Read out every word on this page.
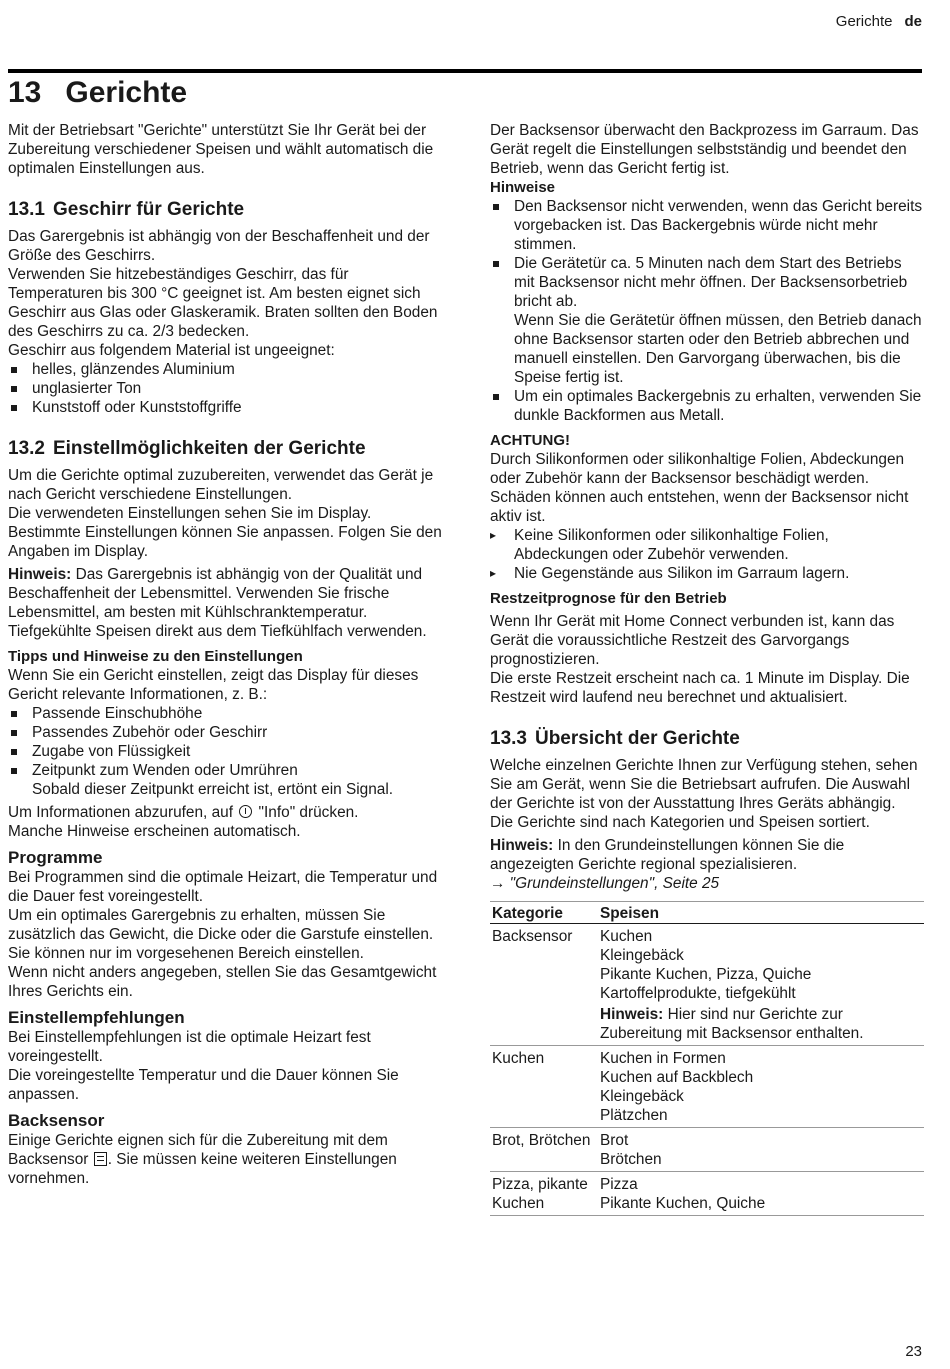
Gerichte de
13 Gerichte

Mit der Betriebsart "Gerichte" unterstützt Sie Ihr Gerät bei der Zubereitung verschiedener Speisen und wählt automatisch die optimalen Einstellungen aus.

13.1 Geschirr für Gerichte

Das Garergebnis ist abhängig von der Beschaffenheit und der Größe des Geschirrs.

Verwenden Sie hitzebeständiges Geschirr, das für Temperaturen bis 300 °C geeignet ist. Am besten eignet sich Geschirr aus Glas oder Glaskeramik. Braten sollten den Boden des Geschirrs zu ca. 2/3 bedecken.

Geschirr aus folgendem Material ist ungeeignet:

helles, glänzendes Aluminium
unglasierter Ton
Kunststoff oder Kunststoffgriffe
13.2 Einstellmöglichkeiten der Gerichte

Um die Gerichte optimal zuzubereiten, verwendet das Gerät je nach Gericht verschiedene Einstellungen.

Die verwendeten Einstellungen sehen Sie im Display. Bestimmte Einstellungen können Sie anpassen. Folgen Sie den Angaben im Display.

Hinweis: Das Garergebnis ist abhängig von der Qualität und Beschaffenheit der Lebensmittel. Verwenden Sie frische Lebensmittel, am besten mit Kühlschranktemperatur. Tiefgekühlte Speisen direkt aus dem Tiefkühlfach verwenden.

Tipps und Hinweise zu den Einstellungen

Wenn Sie ein Gericht einstellen, zeigt das Display für dieses Gericht relevante Informationen, z. B.:

Passende Einschubhöhe
Passendes Zubehör oder Geschirr
Zugabe von Flüssigkeit
Zeitpunkt zum Wenden oder Umrühren
Sobald dieser Zeitpunkt erreicht ist, ertönt ein Signal.

Um Informationen abzurufen, auf  "Info" drücken.
Manche Hinweise erscheinen automatisch.

Programme

Bei Programmen sind die optimale Heizart, die Temperatur und die Dauer fest voreingestellt.

Um ein optimales Garergebnis zu erhalten, müssen Sie zusätzlich das Gewicht, die Dicke oder die Garstufe einstellen. Sie können nur im vorgesehenen Bereich einstellen.

Wenn nicht anders angegeben, stellen Sie das Gesamtgewicht Ihres Gerichts ein.

Einstellempfehlungen

Bei Einstellempfehlungen ist die optimale Heizart fest voreingestellt.

Die voreingestellte Temperatur und die Dauer können Sie anpassen.

Backsensor

Einige Gerichte eignen sich für die Zubereitung mit dem Backsensor . Sie müssen keine weiteren Einstellungen vornehmen.

Der Backsensor überwacht den Backprozess im Garraum. Das Gerät regelt die Einstellungen selbstständig und beendet den Betrieb, wenn das Gericht fertig ist.

Hinweise
Den Backsensor nicht verwenden, wenn das Gericht bereits vorgebacken ist. Das Backergebnis würde nicht mehr stimmen.
Die Gerätetür ca. 5 Minuten nach dem Start des Betriebs mit Backsensor nicht mehr öffnen. Der Backsensorbetrieb bricht ab.
Wenn Sie die Gerätetür öffnen müssen, den Betrieb danach ohne Backsensor starten oder den Betrieb abbrechen und manuell einstellen. Den Garvorgang überwachen, bis die Speise fertig ist.
Um ein optimales Backergebnis zu erhalten, verwenden Sie dunkle Backformen aus Metall.
ACHTUNG!

Durch Silikonformen oder silikonhaltige Folien, Abdeckungen oder Zubehör kann der Backsensor beschädigt werden. Schäden können auch entstehen, wenn der Backsensor nicht aktiv ist.

▸ Keine Silikonformen oder silikonhaltige Folien, Abdeckungen oder Zubehör verwenden.
▸ Nie Gegenstände aus Silikon im Garraum lagern.
Restzeitprognose für den Betrieb

Wenn Ihr Gerät mit Home Connect verbunden ist, kann das Gerät die voraussichtliche Restzeit des Garvorgangs prognostizieren.

Die erste Restzeit erscheint nach ca. 1 Minute im Display. Die Restzeit wird laufend neu berechnet und aktualisiert.

13.3 Übersicht der Gerichte

Welche einzelnen Gerichte Ihnen zur Verfügung stehen, sehen Sie am Gerät, wenn Sie die Betriebsart aufrufen. Die Auswahl der Gerichte ist von der Ausstattung Ihres Geräts abhängig.

Die Gerichte sind nach Kategorien und Speisen sortiert.

Hinweis: In den Grundeinstellungen können Sie die angezeigten Gerichte regional spezialisieren.

→ "Grundeinstellungen", Seite 25

Kategorie	Speisen
Backsensor	Kuchen
Kleingebäck
Pikante Kuchen, Pizza, Quiche
Kartoffelprodukte, tiefgekühlt
Hinweis: Hier sind nur Gerichte zur Zubereitung mit Backsensor enthalten.

Kuchen	Kuchen in Formen
Kuchen auf Backblech
Kleingebäck
Plätzchen

Brot, Brötchen	Brot
Brötchen

Pizza, pikante Kuchen	Pizza
Pikante Kuchen, Quiche
23
